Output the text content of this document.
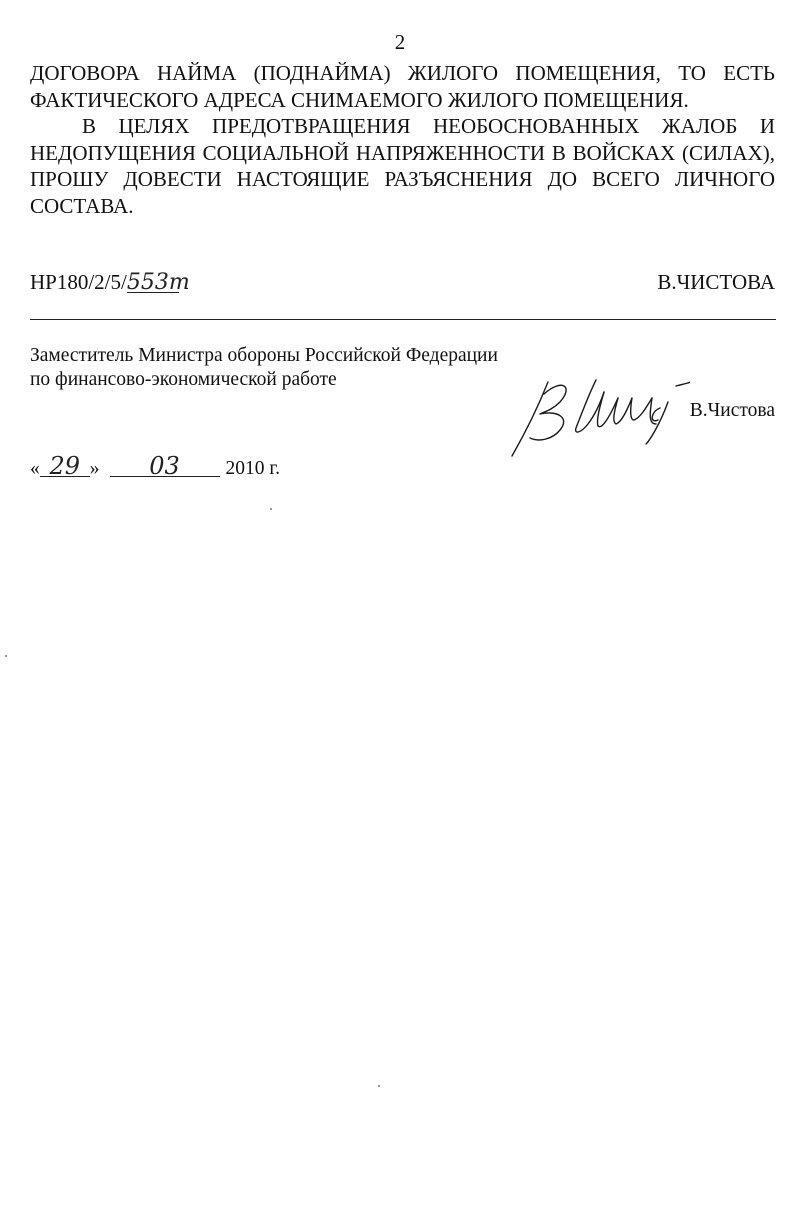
2

ДОГОВОРА НАЙМА (ПОДНАЙМА) ЖИЛОГО ПОМЕЩЕНИЯ, ТО ЕСТЬ ФАКТИЧЕСКОГО АДРЕСА СНИМАЕМОГО ЖИЛОГО ПОМЕЩЕНИЯ.

В ЦЕЛЯХ ПРЕДОТВРАЩЕНИЯ НЕОБОСНОВАННЫХ ЖАЛОБ И НЕДОПУЩЕНИЯ СОЦИАЛЬНОЙ НАПРЯЖЕННОСТИ В ВОЙСКАХ (СИЛАХ), ПРОШУ ДОВЕСТИ НАСТОЯЩИЕ РАЗЪЯСНЕНИЯ ДО ВСЕГО ЛИЧНОГО СОСТАВА.

НР180/2/5/553т	В.ЧИСТОВА
Заместитель Министра обороны Российской Федерации
по финансово-экономической работе
В.Чистова
« 29 » 03 2010 г.
